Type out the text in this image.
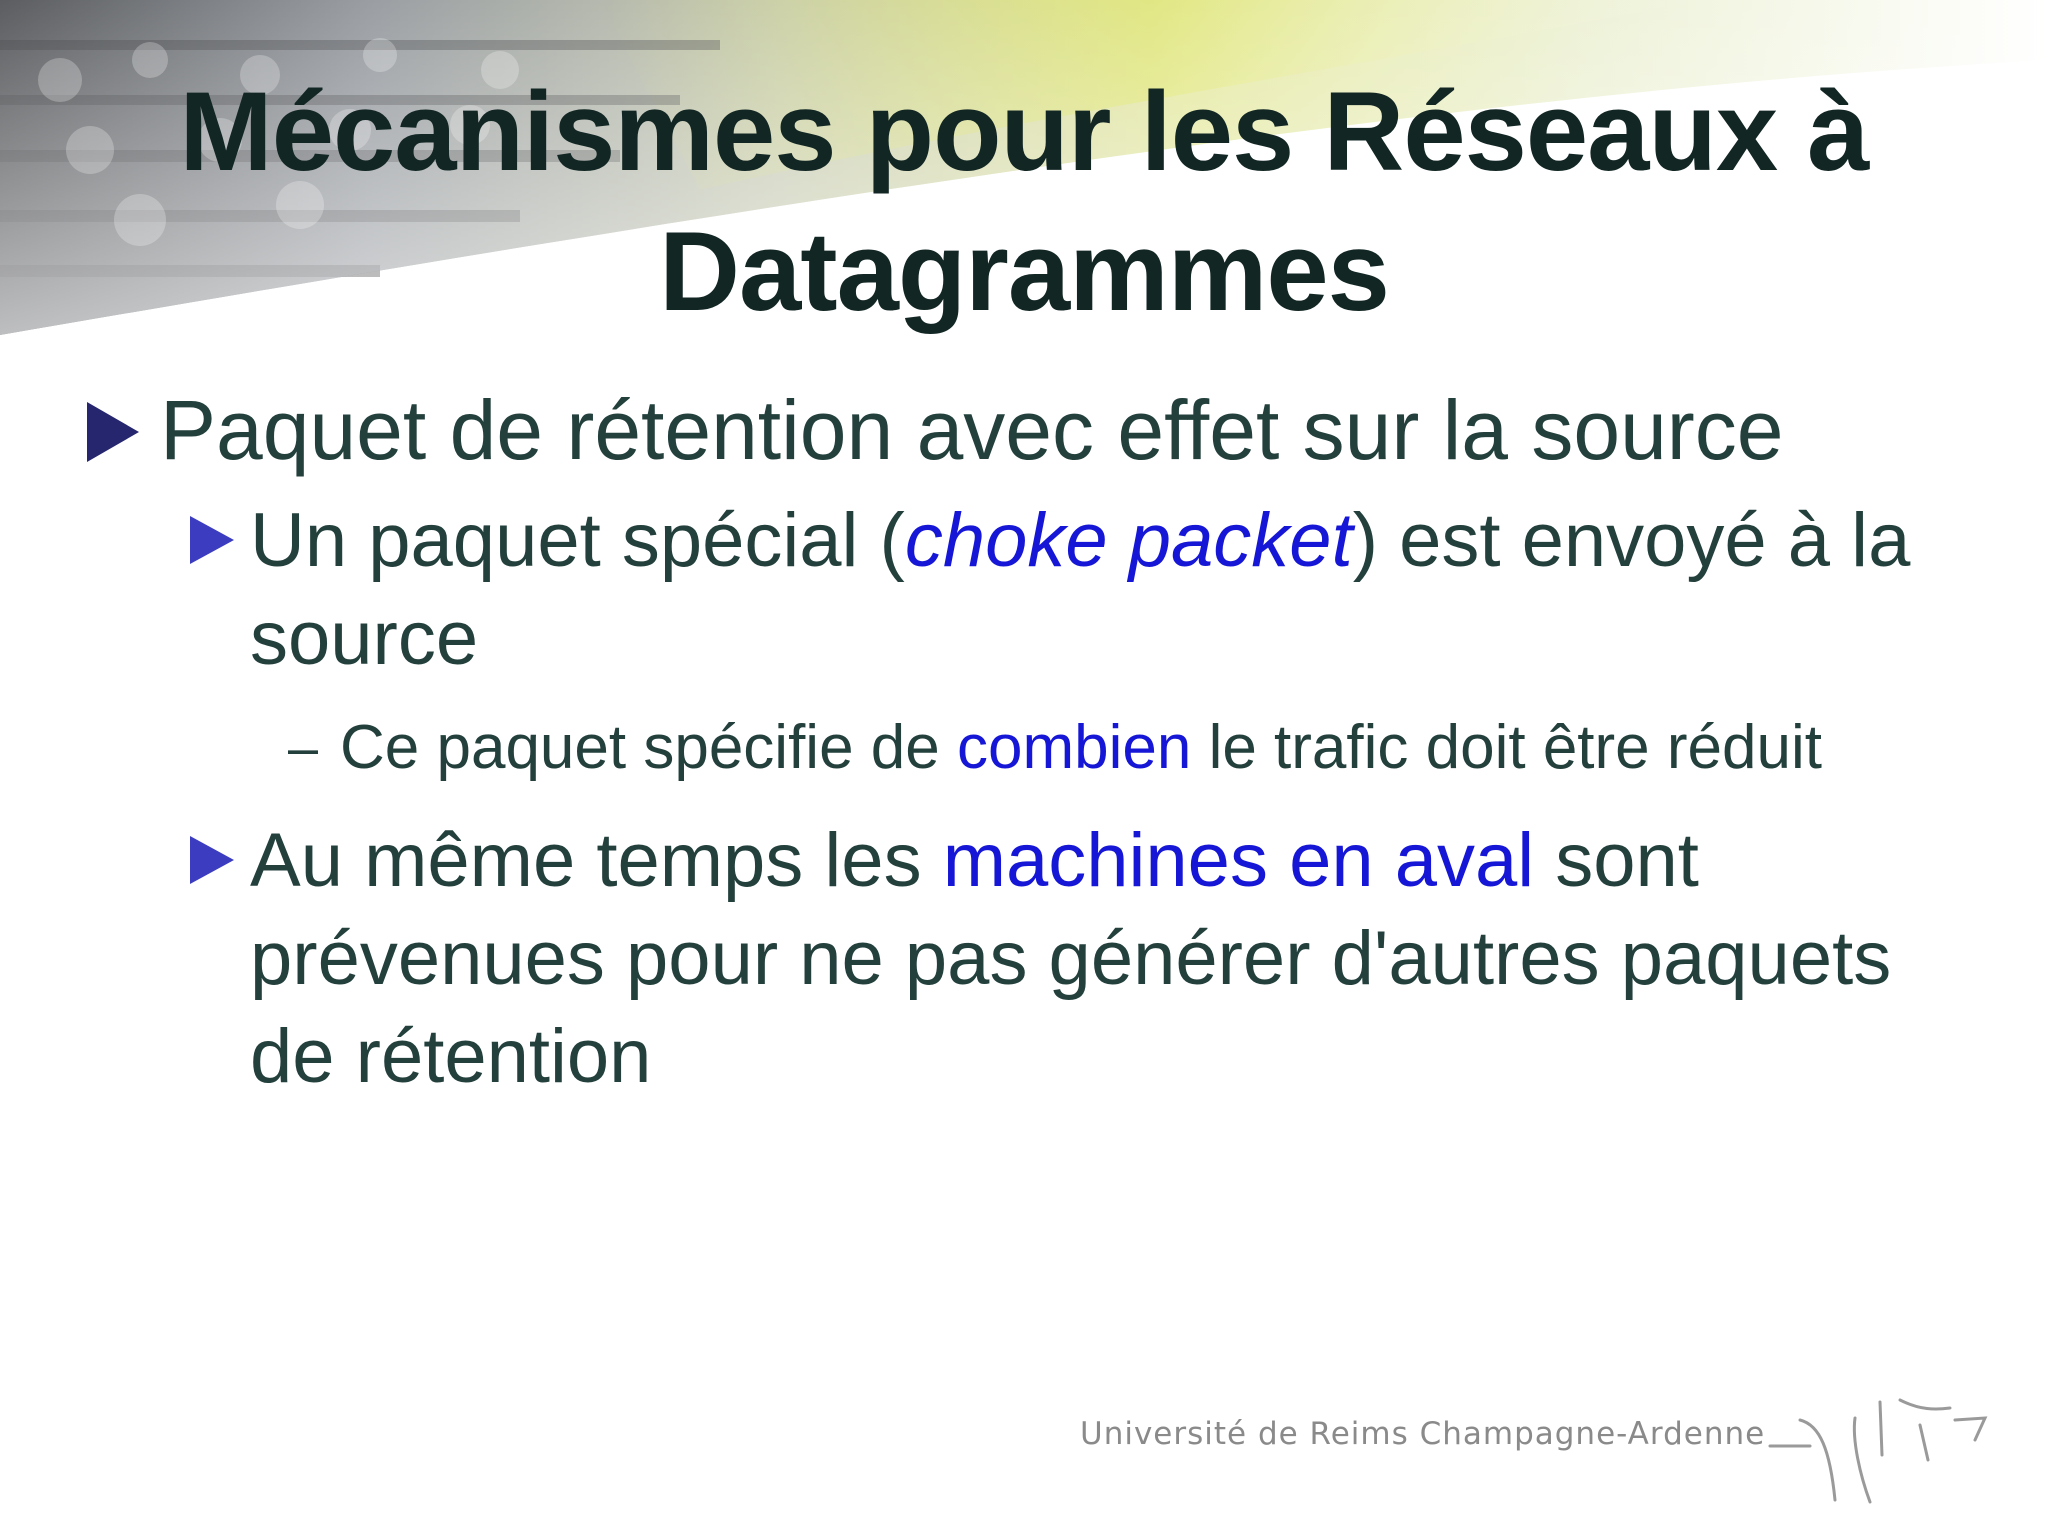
Mécanismes pour les Réseaux à
Datagrammes
Paquet de rétention avec effet sur la source
Un paquet spécial (choke packet) est envoyé à la
source
– Ce paquet spécifie de combien le trafic doit être réduit
Au même temps les machines en aval sont
prévenues pour ne pas générer d'autres paquets
de rétention
Université de Reims Champagne-Ardenne
